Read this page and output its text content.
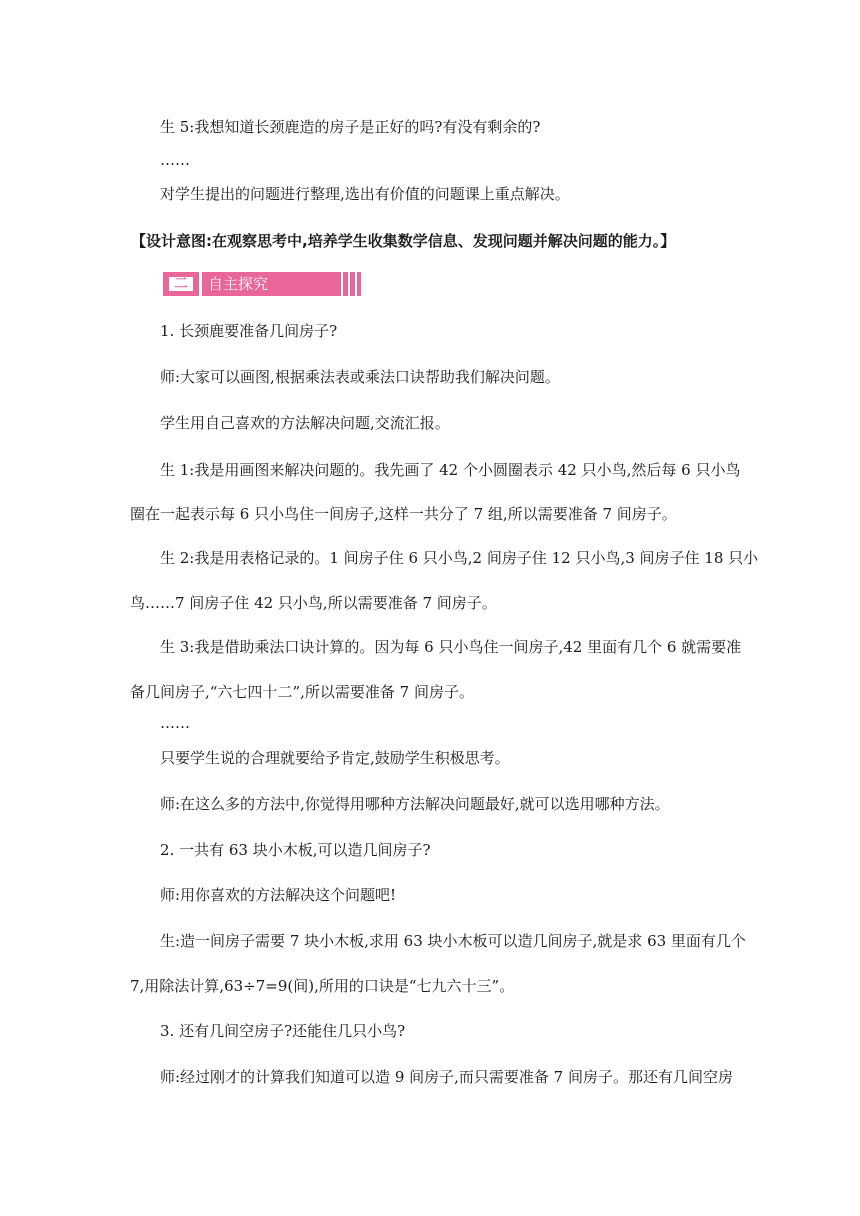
生 5:我想知道长颈鹿造的房子是正好的吗?有没有剩余的?
……
对学生提出的问题进行整理,选出有价值的问题课上重点解决。
【设计意图:在观察思考中,培养学生收集数学信息、发现问题并解决问题的能力。】
二	自主探究
1. 长颈鹿要准备几间房子?
师:大家可以画图,根据乘法表或乘法口诀帮助我们解决问题。
学生用自己喜欢的方法解决问题,交流汇报。
生 1:我是用画图来解决问题的。我先画了 42 个小圆圈表示 42 只小鸟,然后每 6 只小鸟
圈在一起表示每 6 只小鸟住一间房子,这样一共分了 7 组,所以需要准备 7 间房子。
生 2:我是用表格记录的。1 间房子住 6 只小鸟,2 间房子住 12 只小鸟,3 间房子住 18 只小
鸟……7 间房子住 42 只小鸟,所以需要准备 7 间房子。
生 3:我是借助乘法口诀计算的。因为每 6 只小鸟住一间房子,42 里面有几个 6 就需要准
备几间房子,“六七四十二”,所以需要准备 7 间房子。
……
只要学生说的合理就要给予肯定,鼓励学生积极思考。
师:在这么多的方法中,你觉得用哪种方法解决问题最好,就可以选用哪种方法。
2. 一共有 63 块小木板,可以造几间房子?
师:用你喜欢的方法解决这个问题吧!
生:造一间房子需要 7 块小木板,求用 63 块小木板可以造几间房子,就是求 63 里面有几个
7,用除法计算,63÷7=9(间),所用的口诀是“七九六十三”。
3. 还有几间空房子?还能住几只小鸟?
师:经过刚才的计算我们知道可以造 9 间房子,而只需要准备 7 间房子。那还有几间空房
